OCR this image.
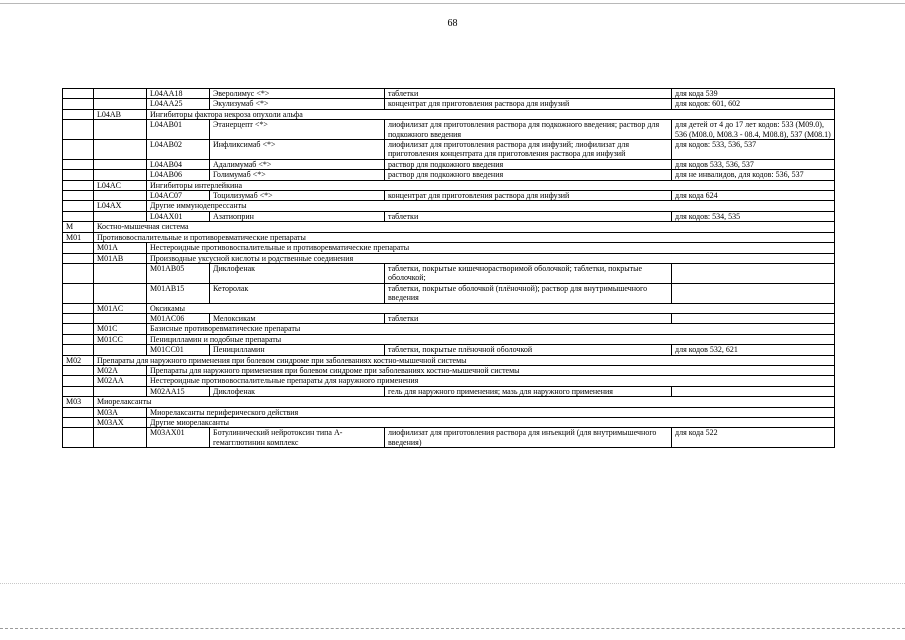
68
		L04AA18	Эверолимус <*>	таблетки	для кода 539
		L04AA25	Экулизумаб <*>	концентрат для приготовления раствора для инфузий	для кодов: 601, 602
	L04AB	Ингибиторы фактора некроза опухоли альфа			
		L04AB01	Этанерцепт <*>	лиофилизат для приготовления раствора для подкожного введения; раствор для подкожного введения	для детей от 4 до 17 лет кодов: 533 (M09.0), 536 (M08.0, M08.3 - 08.4, M08.8), 537 (M08.1)
		L04AB02	Инфликсимаб <*>	лиофилизат для приготовления раствора для инфузий; лиофилизат для приготовления концентрата для приготовления раствора для инфузий	для кодов: 533, 536, 537
		L04AB04	Адалимумаб <*>	раствор для подкожного введения	для кодов 533, 536, 537
		L04AB06	Голимумаб <*>	раствор для подкожного введения	для не инвалидов, для кодов: 536, 537
	L04AC	Ингибиторы интерлейкина			
		L04AC07	Тоцилизумаб <*>	концентрат для приготовления раствора для инфузий	для кода 624
	L04AX	Другие иммунодепрессанты			
		L04AX01	Азатиоприн	таблетки	для кодов: 534, 535
M	Костно-мышечная система				
M01	Противовоспалительные и противоревматические препараты				
	M01A	Нестероидные противовоспалительные и противоревматические препараты			
	M01AB	Производные уксусной кислоты и родственные соединения			
		M01AB05	Диклофенак	таблетки, покрытые кишечнорастворимой оболочкой; таблетки, покрытые оболочкой;	
		M01AB15	Кеторолак	таблетки, покрытые оболочкой (плёночной); раствор для внутримышечного введения	
	M01AC	Оксикамы			
		M01AC06	Мелоксикам	таблетки	
	M01C	Базисные противоревматические препараты			
	M01CC	Пеницилламин и подобные препараты			
		M01CC01	Пеницилламин	таблетки, покрытые плёночной оболочкой	для кодов 532, 621
M02	Препараты для наружного применения при болевом синдроме при заболеваниях костно-мышечной системы				
	M02A	Препараты для наружного применения при болевом синдроме при заболеваниях костно-мышечной системы			
	M02AA	Нестероидные противовоспалительные препараты для наружного применения			
		M02AA15	Диклофенак	гель для наружного применения; мазь для наружного применения	
M03	Миорелаксанты				
	M03A	Миорелаксанты периферического действия			
	M03AX	Другие миорелаксанты			
		M03AX01	Ботулинический нейротоксин типа А-гемагглютинин комплекс	лиофилизат для приготовления раствора для инъекций (для внутримышечного введения)	для кода 522
